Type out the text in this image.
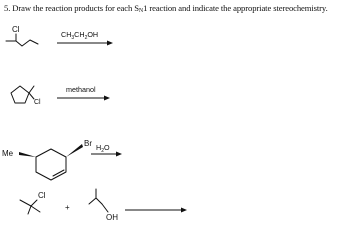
5. Draw the reaction products for each SN1 reaction and indicate the appropriate stereochemistry.
Cl
$CH_3CH_2OH$
Cl
methanol
Me
Br $H_2O$
Cl
+
OH
